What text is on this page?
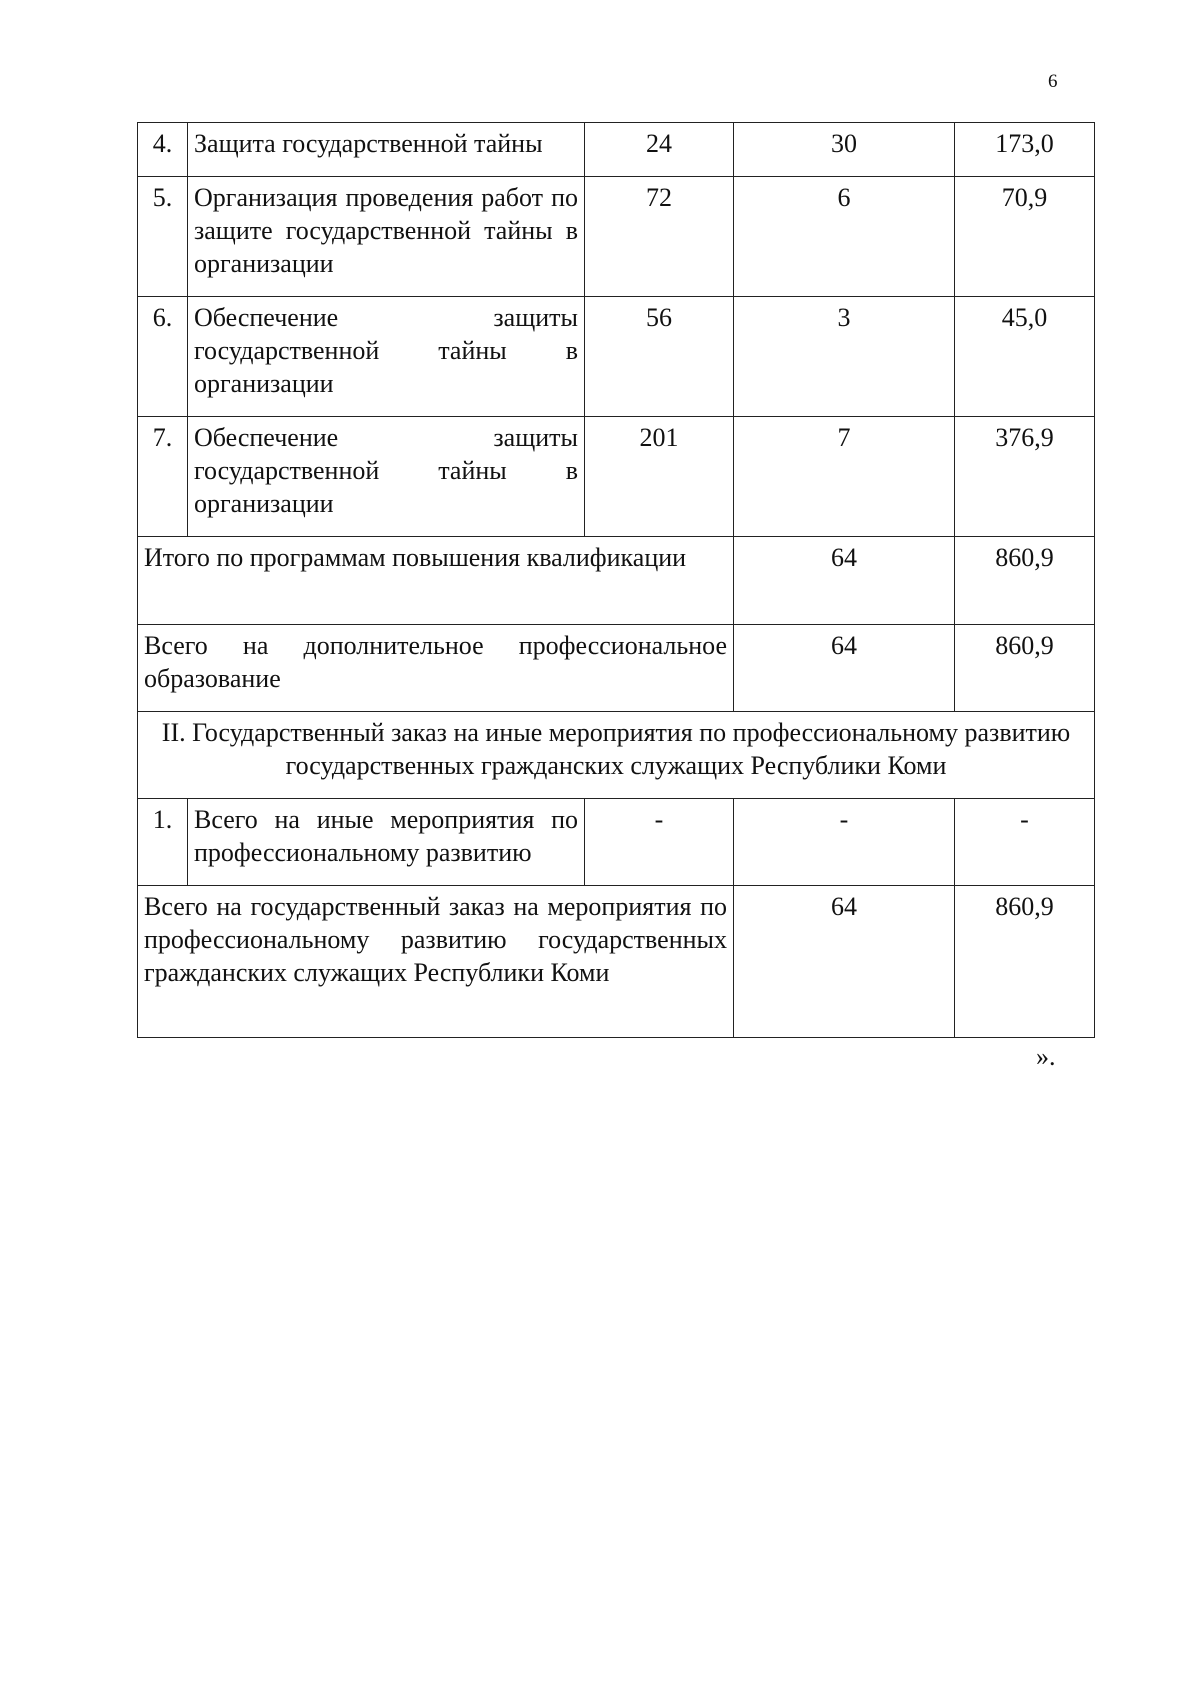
6
4.	Защита государственной тайны	24	30	173,0
5.	Организация проведения работ по защите государственной тайны в организации	72	6	70,9
6.	Обеспечение защиты государственной тайны в организации	56	3	45,0
7.	Обеспечение защиты государственной тайны в организации	201	7	376,9
Итого по программам повышения квалификации			64	860,9
Всего на дополнительное профессиональное образование			64	860,9
II. Государственный заказ на иные мероприятия по профессиональному развитию государственных гражданских служащих Республики Коми				
1.	Всего на иные мероприятия по профессиональному развитию	-	-	-
Всего на государственный заказ на мероприятия по профессиональному развитию государственных гражданских служащих Республики Коми			64	860,9
».
